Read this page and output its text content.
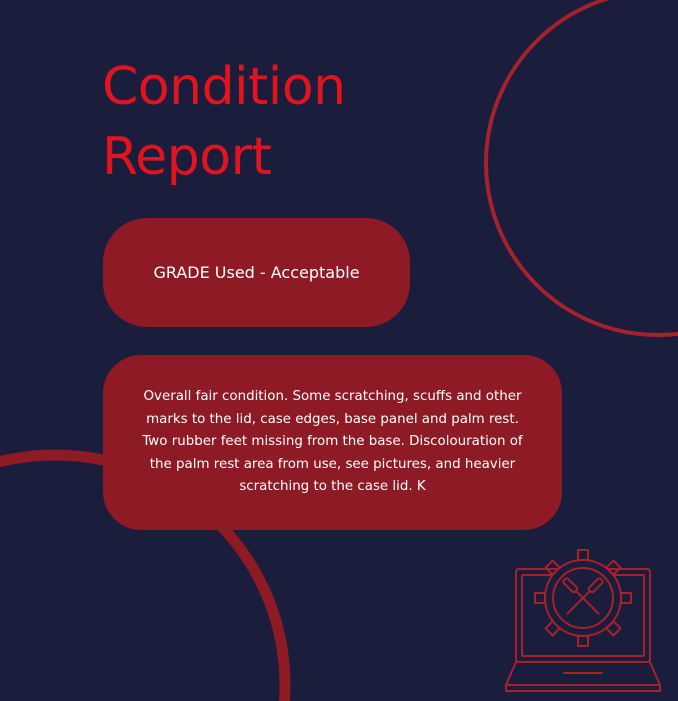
Condition
Report
GRADE Used - Acceptable

Overall fair condition. Some scratching, scuffs and other marks to the lid, case edges, base panel and palm rest. Two rubber feet missing from the base. Discolouration of the palm rest area from use, see pictures, and heavier scratching to the case lid. K
